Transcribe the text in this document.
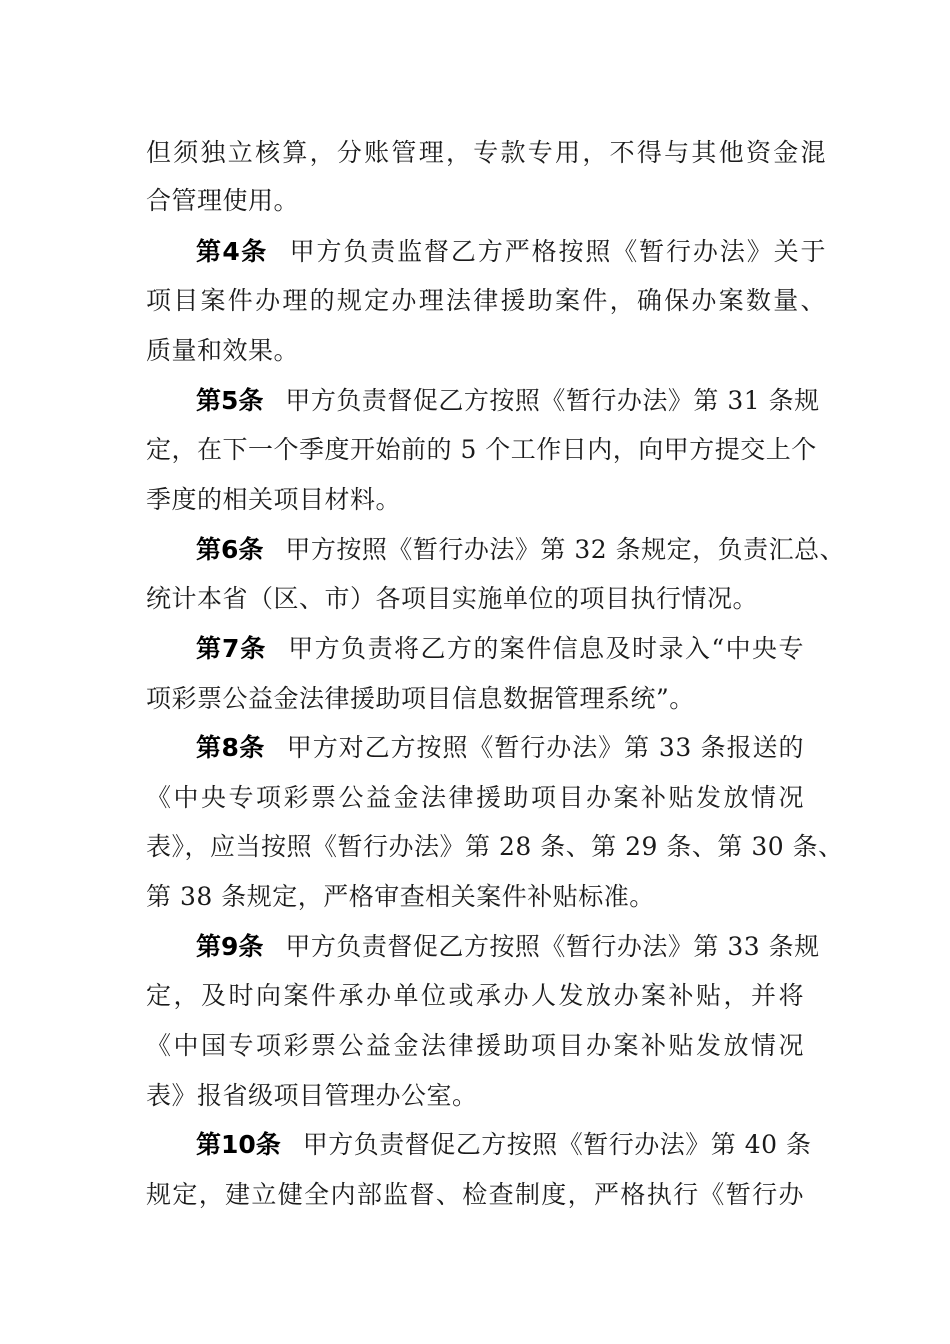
但须独立核算，分账管理，专款专用，不得与其他资金混
合管理使用。
第4条 甲方负责监督乙方严格按照《暂行办法》关于
项目案件办理的规定办理法律援助案件，确保办案数量、
质量和效果。
第5条 甲方负责督促乙方按照《暂行办法》第 31 条规
定，在下一个季度开始前的 5 个工作日内，向甲方提交上个
季度的相关项目材料。
第6条 甲方按照《暂行办法》第 32 条规定，负责汇总、
统计本省（区、市）各项目实施单位的项目执行情况。
第7条 甲方负责将乙方的案件信息及时录入“中央专
项彩票公益金法律援助项目信息数据管理系统”。
第8条 甲方对乙方按照《暂行办法》第 33 条报送的
《中央专项彩票公益金法律援助项目办案补贴发放情况
表》，应当按照《暂行办法》第 28 条、第 29 条、第 30 条、
第 38 条规定，严格审查相关案件补贴标准。
第9条 甲方负责督促乙方按照《暂行办法》第 33 条规
定，及时向案件承办单位或承办人发放办案补贴，并将
《中国专项彩票公益金法律援助项目办案补贴发放情况
表》报省级项目管理办公室。
第10条 甲方负责督促乙方按照《暂行办法》第 40 条
规定，建立健全内部监督、检查制度，严格执行《暂行办
